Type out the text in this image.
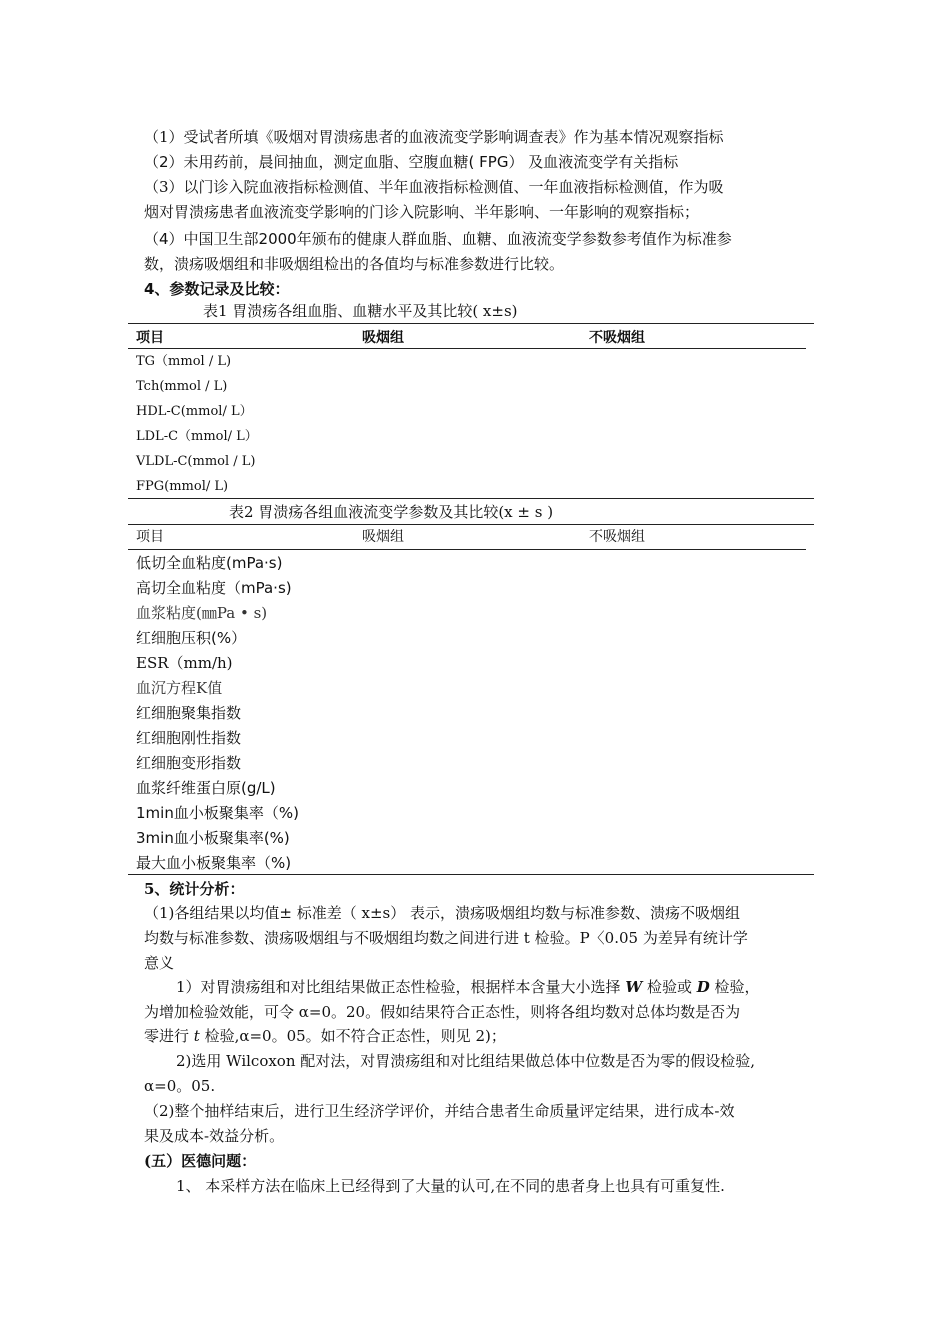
（1）受试者所填《吸烟对胃溃疡患者的血液流变学影响调查表》作为基本情况观察指标
（2）未用药前，晨间抽血，测定血脂、空腹血糖( FPG） 及血液流变学有关指标
（3）以门诊入院血液指标检测值、半年血液指标检测值、一年血液指标检测值，作为吸
烟对胃溃疡患者血液流变学影响的门诊入院影响、半年影响、一年影响的观察指标；
（4）中国卫生部2000年颁布的健康人群血脂、血糖、血液流变学参数参考值作为标准参
数，溃疡吸烟组和非吸烟组检出的各值均与标准参数进行比较。
4、参数记录及比较：
表1 胃溃疡各组血脂、血糖水平及其比较( x±s)
项目	吸烟组	不吸烟组
TG（mmol / L)
Tch(mmol / L)
HDL-C(mmol/ L）
LDL-C（mmol/ L）
VLDL-C(mmol / L)
FPG(mmol/ L)
表2 胃溃疡各组血液流变学参数及其比较(x ± s )
项目	吸烟组	不吸烟组
低切全血粘度(mPa·s)
高切全血粘度（mPa·s)
血浆粘度(㎜Pa • s)
红细胞压积(%）
ESR（mm/h)
血沉方程K值
红细胞聚集指数
红细胞刚性指数
红细胞变形指数
血浆纤维蛋白原(g/L)
1min血小板聚集率（%)
3min血小板聚集率(%)
最大血小板聚集率（%)
5、统计分析：
（1)各组结果以均值± 标准差（ x±s） 表示，溃疡吸烟组均数与标准参数、溃疡不吸烟组
均数与标准参数、溃疡吸烟组与不吸烟组均数之间进行进 t 检验。P〈0.05 为差异有统计学
意义
1）对胃溃疡组和对比组结果做正态性检验，根据样本含量大小选择 W 检验或 D 检验，
为增加检验效能，可令 α=0。20。假如结果符合正态性，则将各组均数对总体均数是否为
零进行 t 检验,α=0。05。如不符合正态性，则见 2)；
2)选用 Wilcoxon 配对法，对胃溃疡组和对比组结果做总体中位数是否为零的假设检验,
α=0。05.
（2)整个抽样结束后，进行卫生经济学评价，并结合患者生命质量评定结果，进行成本-效
果及成本-效益分析。
(五）医德问题：
1、 本采样方法在临床上已经得到了大量的认可,在不同的患者身上也具有可重复性.
